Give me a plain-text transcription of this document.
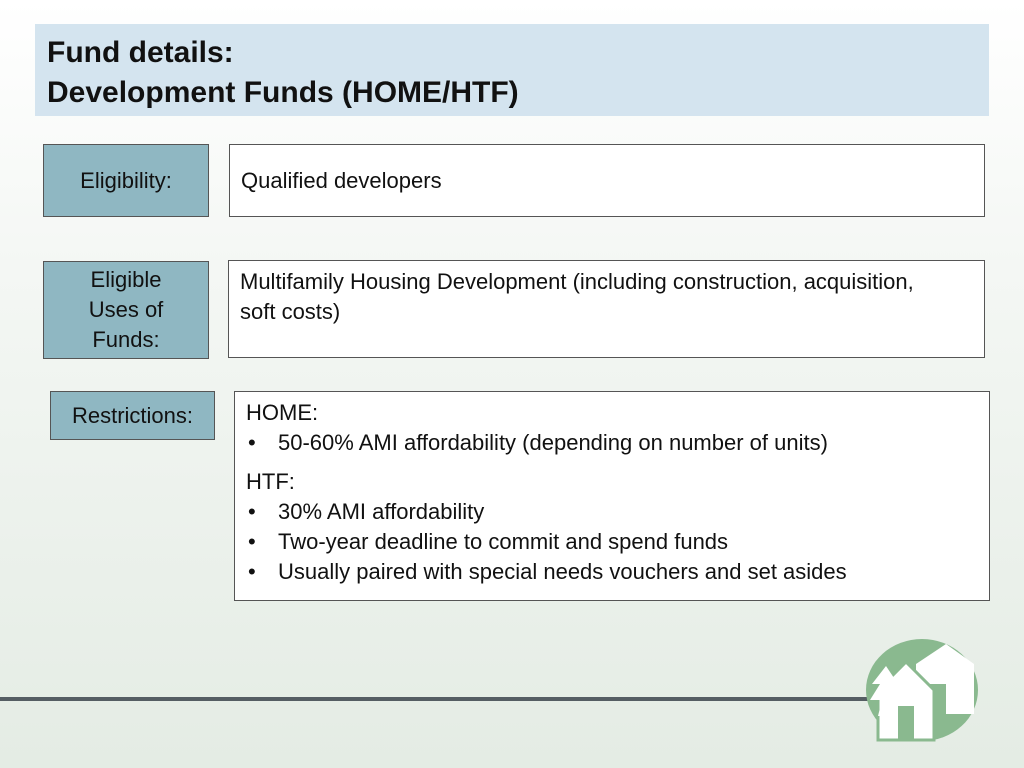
Fund details:
Development Funds (HOME/HTF)
Eligibility:	Qualified developers
Eligible
Uses of
Funds:
Multifamily Housing Development (including construction, acquisition, soft costs)
Restrictions: HOME:
• 50-60% AMI affordability (depending on number of units)
HTF:
• 30% AMI affordability
• Two-year deadline to commit and spend funds
• Usually paired with special needs vouchers and set asides
